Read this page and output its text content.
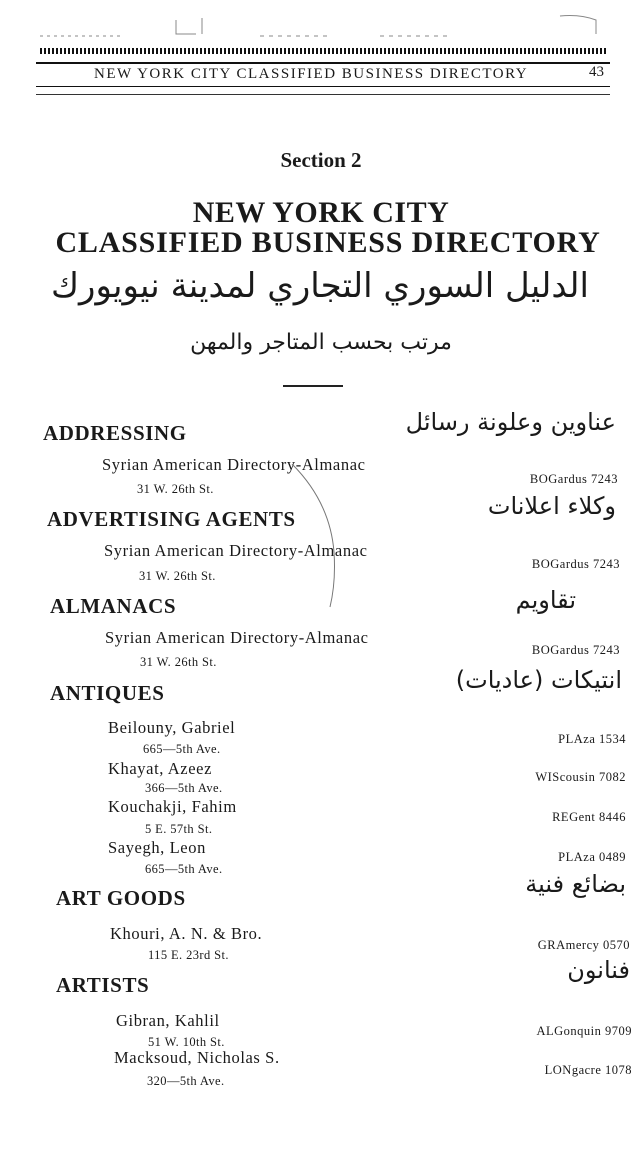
NEW YORK CITY CLASSIFIED BUSINESS DIRECTORY	43
Section 2
NEW YORK CITY
CLASSIFIED BUSINESS DIRECTORY
الدليل السوري التجاري لمدينة نيويورك
مرتب بحسب المتاجر والمهن
ADDRESSING	عناوين وعلونة رسائل
Syrian American Directory-Almanac
31 W. 26th St.
BOGardus 7243
ADVERTISING AGENTS	وكلاء اعلانات
Syrian American Directory-Almanac
31 W. 26th St.
BOGardus 7243
ALMANACS	تقاويم
Syrian American Directory-Almanac
31 W. 26th St.
BOGardus 7243
ANTIQUES	انتيكات (عاديات)
Beilouny, Gabriel
665—5th Ave.
PLAza 1534
Khayat, Azeez
366—5th Ave.
WIScousin 7082
Kouchakji, Fahim
5 E. 57th St.
REGent 8446
Sayegh, Leon
665—5th Ave.
PLAza 0489
ART GOODS	بضائع فنية
Khouri, A. N. & Bro.
115 E. 23rd St.
GRAmercy 0570
ARTISTS
فنانون
Gibran, Kahlil
51 W. 10th St.
ALGonquin 9709
Macksoud, Nicholas S.
320—5th Ave.
LONgacre 1078
